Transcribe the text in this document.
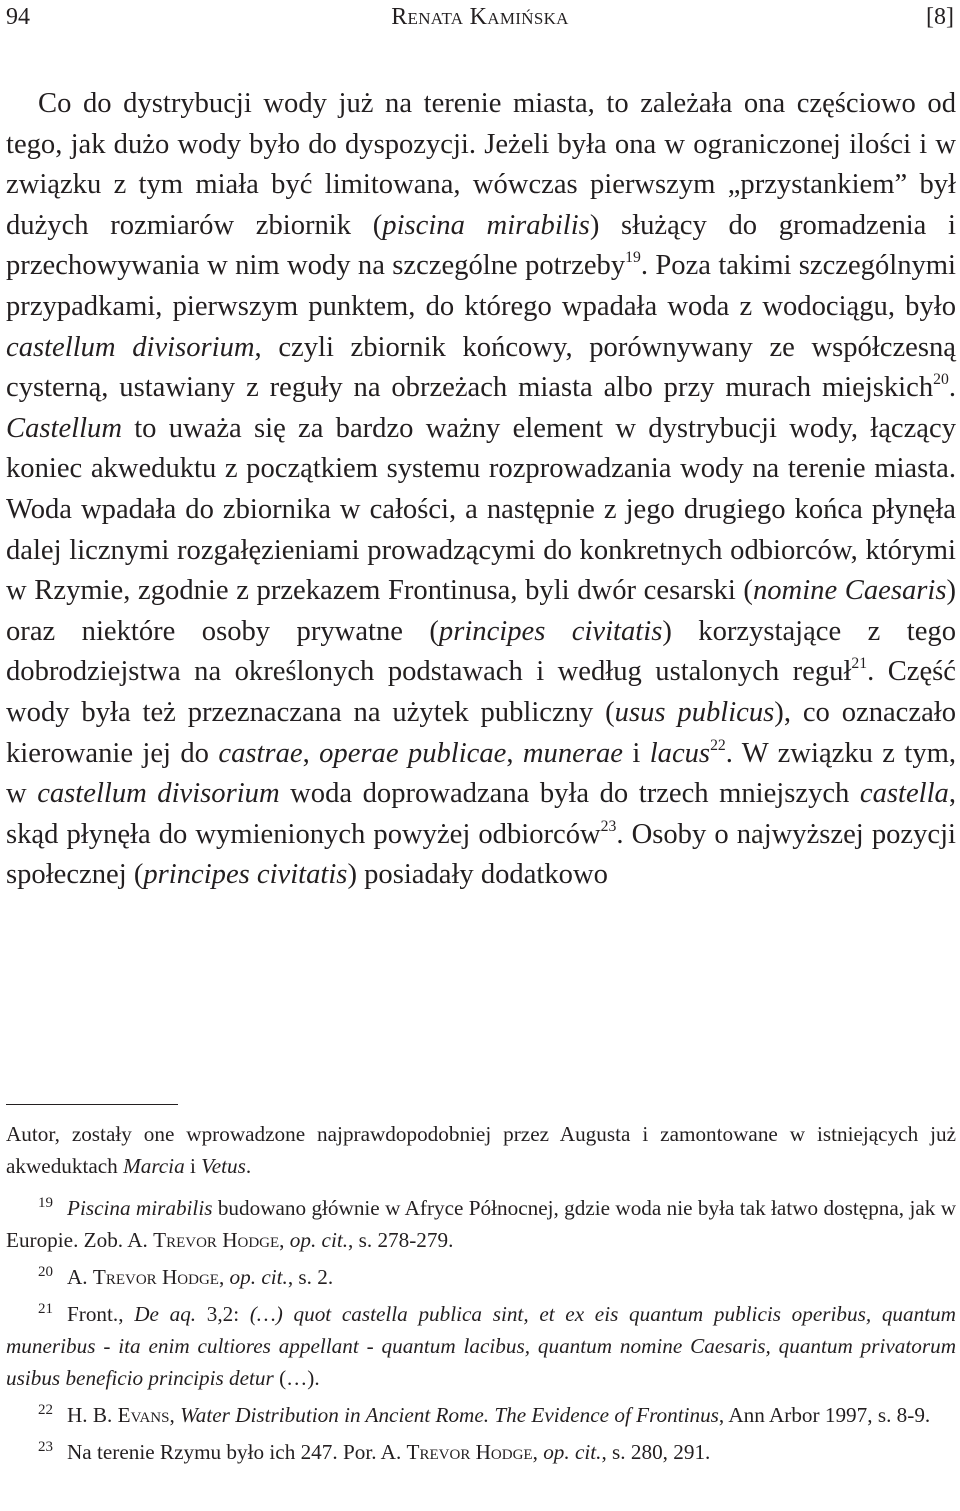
94	Renata Kamińska	[8]

Co do dystrybucji wody już na terenie miasta, to zależała ona częściowo od tego, jak dużo wody było do dyspozycji. Jeżeli była ona w ograniczonej ilości i w związku z tym miała być limitowana, wówczas pierwszym „przystankiem” był dużych rozmiarów zbiornik (piscina mirabilis) służący do gromadzenia i przechowywania w nim wody na szczególne potrzeby$^{19}$. Poza takimi szczególnymi przypadkami, pierwszym punktem, do którego wpadała woda z wodociągu, było castellum divisorium, czyli zbiornik końcowy, porównywany ze współczesną cysterną, ustawiany z reguły na obrzeżach miasta albo przy murach miejskich$^{20}$. Castellum to uważa się za bardzo ważny element w dystrybucji wody, łączący koniec akweduktu z początkiem systemu rozprowadzania wody na terenie miasta. Woda wpadała do zbiornika w całości, a następnie z jego drugiego końca płynęła dalej licznymi rozgałęzieniami prowadzącymi do konkretnych odbiorców, którymi w Rzymie, zgodnie z przekazem Frontinusa, byli dwór cesarski (nomine Caesaris) oraz niektóre osoby prywatne (principes civitatis) korzystające z tego dobrodziejstwa na określonych podstawach i według ustalonych reguł$^{21}$. Część wody była też przeznaczana na użytek publiczny (usus publicus), co oznaczało kierowanie jej do castrae, operae publicae, munerae i lacus$^{22}$. W związku z tym, w castellum divisorium woda doprowadzana była do trzech mniejszych castella, skąd płynęła do wymienionych powyżej odbiorców$^{23}$. Osoby o najwyższej pozycji społecznej (principes civitatis) posiadały dodatkowo

Autor, zostały one wprowadzone najprawdopodobniej przez Augusta i zamontowane w istniejących już akweduktach Marcia i Vetus.

19 Piscina mirabilis budowano głównie w Afryce Północnej, gdzie woda nie była tak łatwo dostępna, jak w Europie. Zob. A. Trevor Hodge, op. cit., s. 278-279.

20 A. Trevor Hodge, op. cit., s. 2.

21 Front., De aq. 3,2: (…) quot castella publica sint, et ex eis quantum publicis operibus, quantum muneribus - ita enim cultiores appellant - quantum lacibus, quantum nomine Caesaris, quantum privatorum usibus beneficio principis detur (…).

22 H. B. Evans, Water Distribution in Ancient Rome. The Evidence of Frontinus, Ann Arbor 1997, s. 8-9.

23 Na terenie Rzymu było ich 247. Por. A. Trevor Hodge, op. cit., s. 280, 291.
